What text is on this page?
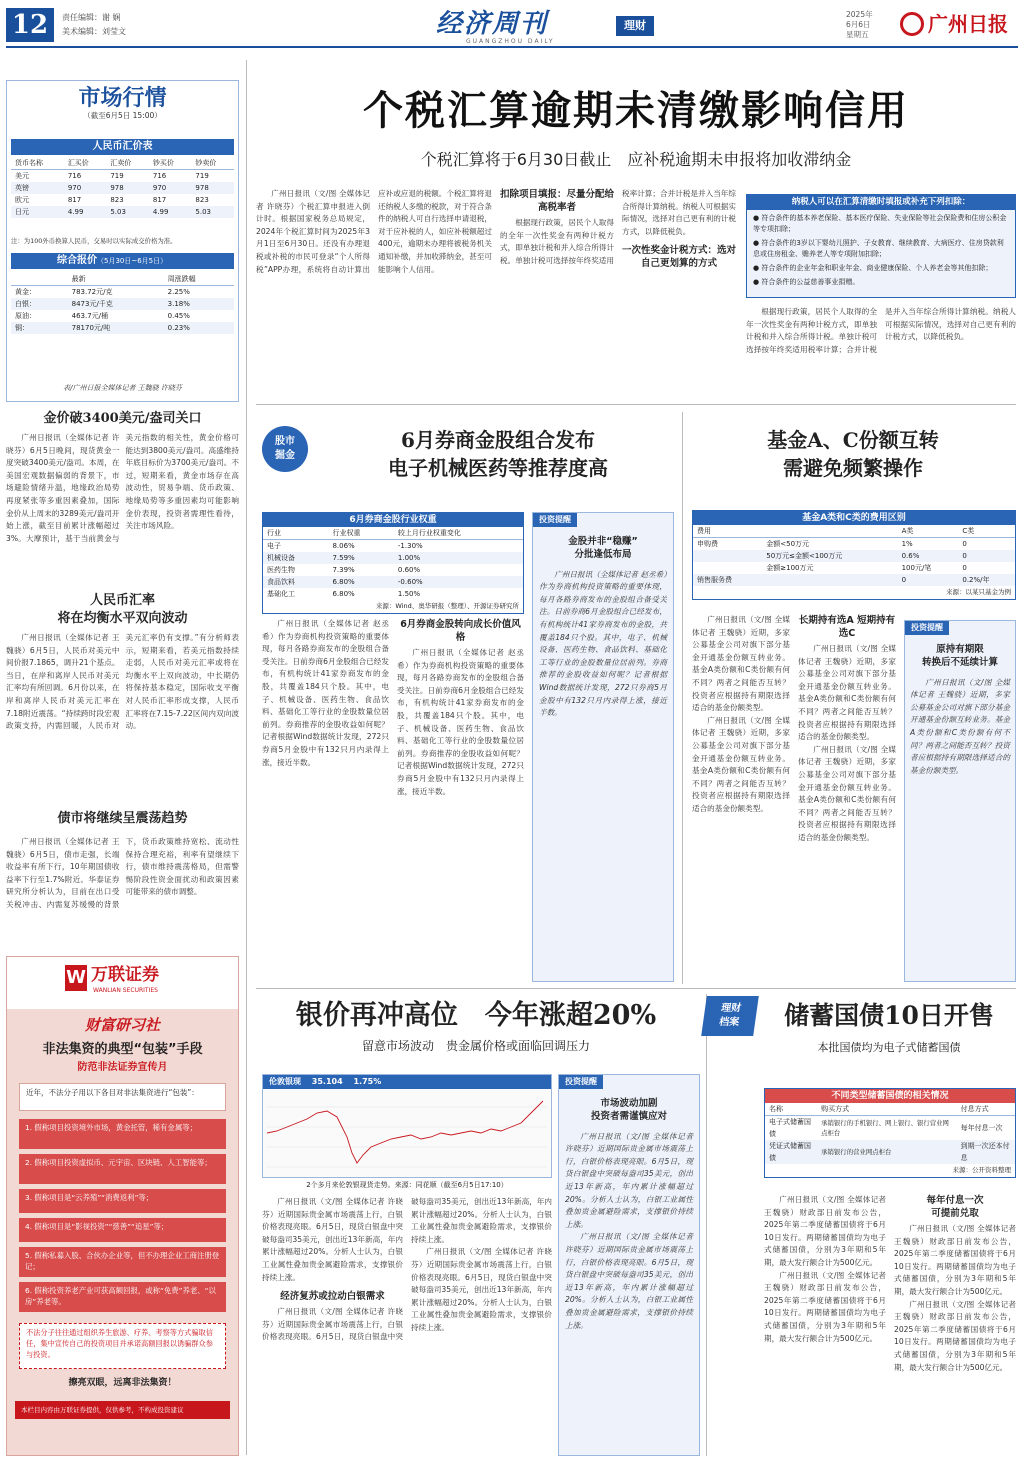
12	责任编辑：谢 娴
美术编辑：刘莹文	经济周刊
GUANGZHOU DAILY
理财
2025年
6月6日
星期五	广州日报
市场行情
（截至6月5日 15:00）
人民币汇价表
货币名称	汇买价	汇卖价	钞买价	钞卖价
美元	716	719	716	719
英镑	970	978	970	978
欧元	817	823	817	823
日元	4.99	5.03	4.99	5.03
注：为100外币换算人民币，交易时以实际成交价格为准。
综合报价（5月30日~6月5日）
	最新	周涨跌幅
黄金：	783.72元/克	2.25%
白银：	8473元/千克	3.18%
原油：	463.7元/桶	0.45%
铜：	78170元/吨	0.23%
表/广州日报全媒体记者 王魏骁 许晓芬
金价破3400美元/盎司关口

广州日报讯（全媒体记者 许晓芬）6月5日晚间，现货黄金一度突破3400美元/盎司。本周，在美国宏观数据偏弱的背景下，市场避险情绪升温，地缘政治局势再度紧张等多重因素叠加，国际金价从上周末的3289美元/盎司开始上涨，截至目前累计涨幅超过3%。大摩预计，基于当前黄金与美元指数的相关性，黄金价格可能达到3800美元/盎司。高盛维持年底目标价为3700美元/盎司。不过，短期来看，黄金市场存在高波动性，贸易争端、货币政策、地缘局势等多重因素均可能影响金价表现，投资者需理性看待，关注市场风险。

人民币汇率
将在均衡水平双向波动

广州日报讯（全媒体记者 王魏骁）6月5日，人民币对美元中间价报7.1865，调升21个基点。当日，在岸和离岸人民币对美元汇率均有所回调。6月份以来，在岸和离岸人民币对美元汇率在7.18附近震荡。“持续跨时段宏观政策支持，内需回暖，人民币对美元汇率仍有支撑。”有分析师表示，短期来看，若美元指数持续走弱，人民币对美元汇率或将在均衡水平上双向波动，中长期仍将保持基本稳定，国际收支平衡对人民币汇率形成支撑，人民币汇率将在7.15-7.22区间内双向波动。

债市将继续呈震荡趋势

广州日报讯（全媒体记者 王魏骁）6月5日，债市走强，长端收益率有所下行，10年期国债收益率下行至1.7%附近。华泰证券研究所分析认为，目前在出口受关税冲击、内需复苏缓慢的背景下，货币政策维持宽松、流动性保持合理充裕，利率有望继续下行，债市维持震荡格局，但需警惕阶段性资金面扰动和政策因素可能带来的债市调整。

W 万联证券
WANLIAN SECURITIES
财富研习社
非法集资的典型“包装”手段
防范非法证券宣传月
近年，不法分子用以下各目对非法集资进行“包装”：
1. 假称项目投资境外市场，黄金托管，稀有金属等；
2. 假称项目投资虚拟币、元宇宙、区块链、人工智能等；
3. 假称项目是“云养殖”“消费返利”等；
4. 假称项目是“影视投资”“慈善”“追星”等；
5. 假称私募入股、合伙办企业等，但不办理企业工商注册登记；
6. 假称投资养老产业可获高额回报，或称“免费”养老、“以房”养老等。
不法分子往往通过组织养生旅游、疗养、考察等方式骗取信任，集中宣传自己的投资项目并承诺高额回报以诱骗群众参与投资。
擦亮双眼，远离非法集资！
本栏目内容由万联证券提供，仅供参考，不构成投资建议
个税汇算逾期未清缴影响信用
个税汇算将于6月30日截止　应补税逾期未申报将加收滞纳金

广州日报讯（文/图 全媒体记者 许晓芬）个税汇算申报进入倒计时。根据国家税务总局规定，2024年个税汇算时间为2025年3月1日至6月30日。还没有办理退税或补税的市民可登录“个人所得税”APP办理，系统将自动计算出应补或应退的税额。个税汇算将退还纳税人多缴的税款，对于符合条件的纳税人可自行选择申请退税，对于应补税的人，如应补税额超过400元，逾期未办理将被税务机关通知补缴，并加收滞纳金，甚至可能影响个人信用。

扣除项目填报：尽量分配给高税率者

根据现行政策，居民个人取得的全年一次性奖金有两种计税方式，即单独计税和并入综合所得计税。单独计税可选择按年终奖适用税率计算；合并计税是并入当年综合所得计算纳税。纳税人可根据实际情况，选择对自己更有利的计税方式，以降低税负。

一次性奖金计税方式：选对自己更划算的方式
纳税人可以在汇算清缴时填报或补充下列扣除：
● 符合条件的基本养老保险、基本医疗保险、失业保险等社会保险费和住房公积金等专项扣除；
● 符合条件的3岁以下婴幼儿照护、子女教育、继续教育、大病医疗、住房贷款利息或住房租金、赡养老人等专项附加扣除；
● 符合条件的企业年金和职业年金、商业健康保险、个人养老金等其他扣除；
● 符合条件的公益慈善事业捐赠。

根据现行政策，居民个人取得的全年一次性奖金有两种计税方式，即单独计税和并入综合所得计税。单独计税可选择按年终奖适用税率计算；合并计税是并入当年综合所得计算纳税。纳税人可根据实际情况，选择对自己更有利的计税方式，以降低税负。

股市
掘金
6月券商金股组合发布
电子机械医药等推荐度高
6月券商金股行业权重
行业	行业权重	较上月行业权重变化
电子	8.06%	-1.30%
机械设备	7.59%	1.00%
医药生物	7.39%	0.60%
食品饮料	6.80%	-0.60%
基础化工	6.80%	1.50%
来源：Wind、奥华研报（整理）、开源证券研究所
投资提醒
金股并非“稳赚”
分批逢低布局

广州日报讯（全媒体记者 赵丞希）作为券商机构投资策略的重要体现，每月各路券商发布的金股组合备受关注。日前券商6月金股组合已经发布，有机构统计41家券商发布的金股，共覆盖184只个股。其中，电子、机械设备、医药生物、食品饮料、基础化工等行业的金股数量位居前列。券商推荐的金股收益如何呢？记者根据Wind数据统计发现，272只券商5月金股中有132只月内录得上涨，接近半数。

广州日报讯（全媒体记者 赵丞希）作为券商机构投资策略的重要体现，每月各路券商发布的金股组合备受关注。日前券商6月金股组合已经发布，有机构统计41家券商发布的金股，共覆盖184只个股。其中，电子、机械设备、医药生物、食品饮料、基础化工等行业的金股数量位居前列。券商推荐的金股收益如何呢？记者根据Wind数据统计发现，272只券商5月金股中有132只月内录得上涨，接近半数。

6月券商金股转向成长价值风格

广州日报讯（全媒体记者 赵丞希）作为券商机构投资策略的重要体现，每月各路券商发布的金股组合备受关注。日前券商6月金股组合已经发布，有机构统计41家券商发布的金股，共覆盖184只个股。其中，电子、机械设备、医药生物、食品饮料、基础化工等行业的金股数量位居前列。券商推荐的金股收益如何呢？记者根据Wind数据统计发现，272只券商5月金股中有132只月内录得上涨，接近半数。

基金A、C份额互转
需避免频繁操作
基金A类和C类的费用区别
费用		A类	C类
申购费	金额<50万元	1%	0
	50万元≤金额<100万元	0.6%	0
	金额≥100万元	100元/笔	0
销售服务费		0	0.2%/年
来源：以某只基金为例

广州日报讯（文/图 全媒体记者 王魏骁）近期，多家公募基金公司对旗下部分基金开通基金份额互转业务。基金A类份额和C类份额有何不同？两者之间能否互转？投资者应根据持有期限选择适合的基金份额类型。

广州日报讯（文/图 全媒体记者 王魏骁）近期，多家公募基金公司对旗下部分基金开通基金份额互转业务。基金A类份额和C类份额有何不同？两者之间能否互转？投资者应根据持有期限选择适合的基金份额类型。

长期持有选A 短期持有选C

广州日报讯（文/图 全媒体记者 王魏骁）近期，多家公募基金公司对旗下部分基金开通基金份额互转业务。基金A类份额和C类份额有何不同？两者之间能否互转？投资者应根据持有期限选择适合的基金份额类型。

广州日报讯（文/图 全媒体记者 王魏骁）近期，多家公募基金公司对旗下部分基金开通基金份额互转业务。基金A类份额和C类份额有何不同？两者之间能否互转？投资者应根据持有期限选择适合的基金份额类型。

投资提醒
原持有期限
转换后不延续计算

广州日报讯（文/图 全媒体记者 王魏骁）近期，多家公募基金公司对旗下部分基金开通基金份额互转业务。基金A类份额和C类份额有何不同？两者之间能否互转？投资者应根据持有期限选择适合的基金份额类型。

银价再冲高位　今年涨超20%
留意市场波动　贵金属价格或面临回调压力
伦敦银现 35.104 1.75%
2个多月来伦敦银现货走势。来源：同花顺（截至6月5日17:10）

广州日报讯（文/图 全媒体记者 许晓芬）近期国际贵金属市场震荡上行，白银价格表现亮眼。6月5日，现货白银盘中突破每盎司35美元，创出近13年新高，年内累计涨幅超过20%。分析人士认为，白银工业属性叠加贵金属避险需求，支撑银价持续上涨。

经济复苏或拉动白银需求

广州日报讯（文/图 全媒体记者 许晓芬）近期国际贵金属市场震荡上行，白银价格表现亮眼。6月5日，现货白银盘中突破每盎司35美元，创出近13年新高，年内累计涨幅超过20%。分析人士认为，白银工业属性叠加贵金属避险需求，支撑银价持续上涨。

广州日报讯（文/图 全媒体记者 许晓芬）近期国际贵金属市场震荡上行，白银价格表现亮眼。6月5日，现货白银盘中突破每盎司35美元，创出近13年新高，年内累计涨幅超过20%。分析人士认为，白银工业属性叠加贵金属避险需求，支撑银价持续上涨。

投资提醒
市场波动加剧
投资者需谨慎应对

广州日报讯（文/图 全媒体记者 许晓芬）近期国际贵金属市场震荡上行，白银价格表现亮眼。6月5日，现货白银盘中突破每盎司35美元，创出近13年新高，年内累计涨幅超过20%。分析人士认为，白银工业属性叠加贵金属避险需求，支撑银价持续上涨。

广州日报讯（文/图 全媒体记者 许晓芬）近期国际贵金属市场震荡上行，白银价格表现亮眼。6月5日，现货白银盘中突破每盎司35美元，创出近13年新高，年内累计涨幅超过20%。分析人士认为，白银工业属性叠加贵金属避险需求，支撑银价持续上涨。

理财
档案	储蓄国债10日开售
本批国债均为电子式储蓄国债
不同类型储蓄国债的相关情况
名称	购买方式	付息方式
电子式储蓄国债	承销银行的手机银行、网上银行、银行营业网点柜台	每年付息一次
凭证式储蓄国债	承销银行的营业网点柜台	到期一次还本付息
来源：公开资料整理

广州日报讯（文/图 全媒体记者 王魏骁）财政部日前发布公告，2025年第二季度储蓄国债将于6月10日发行。两期储蓄国债均为电子式储蓄国债，分别为3年期和5年期，最大发行额合计为500亿元。

广州日报讯（文/图 全媒体记者 王魏骁）财政部日前发布公告，2025年第二季度储蓄国债将于6月10日发行。两期储蓄国债均为电子式储蓄国债，分别为3年期和5年期，最大发行额合计为500亿元。

每年付息一次
可提前兑取

广州日报讯（文/图 全媒体记者 王魏骁）财政部日前发布公告，2025年第二季度储蓄国债将于6月10日发行。两期储蓄国债均为电子式储蓄国债，分别为3年期和5年期，最大发行额合计为500亿元。

广州日报讯（文/图 全媒体记者 王魏骁）财政部日前发布公告，2025年第二季度储蓄国债将于6月10日发行。两期储蓄国债均为电子式储蓄国债，分别为3年期和5年期，最大发行额合计为500亿元。
